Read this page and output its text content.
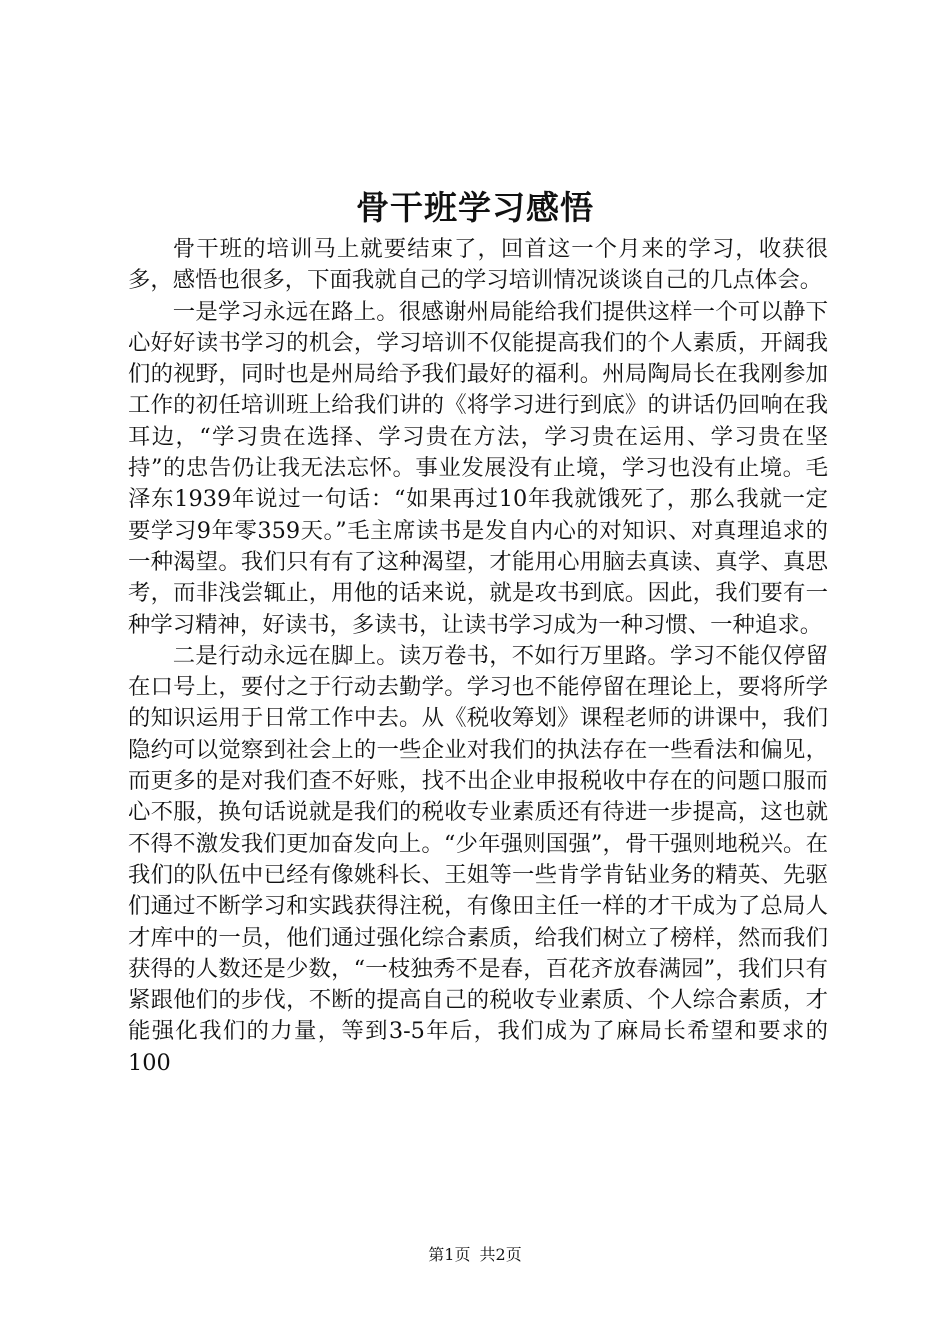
骨干班学习感悟

骨干班的培训马上就要结束了，回首这一个月来的学习，收获很多，感悟也很多，下面我就自己的学习培训情况谈谈自己的几点体会。

一是学习永远在路上。很感谢州局能给我们提供这样一个可以静下心好好读书学习的机会，学习培训不仅能提高我们的个人素质，开阔我们的视野，同时也是州局给予我们最好的福利。州局陶局长在我刚参加工作的初任培训班上给我们讲的《将学习进行到底》的讲话仍回响在我耳边，“学习贵在选择、学习贵在方法，学习贵在运用、学习贵在坚持”的忠告仍让我无法忘怀。事业发展没有止境，学习也没有止境。毛泽东1939年说过一句话：“如果再过10年我就饿死了，那么我就一定要学习9年零359天。”毛主席读书是发自内心的对知识、对真理追求的一种渴望。我们只有有了这种渴望，才能用心用脑去真读、真学、真思考，而非浅尝辄止，用他的话来说，就是攻书到底。因此，我们要有一种学习精神，好读书，多读书，让读书学习成为一种习惯、一种追求。

二是行动永远在脚上。读万卷书，不如行万里路。学习不能仅停留在口号上，要付之于行动去勤学。学习也不能停留在理论上，要将所学的知识运用于日常工作中去。从《税收筹划》课程老师的讲课中，我们隐约可以觉察到社会上的一些企业对我们的执法存在一些看法和偏见，而更多的是对我们查不好账，找不出企业申报税收中存在的问题口服而心不服，换句话说就是我们的税收专业素质还有待进一步提高，这也就不得不激发我们更加奋发向上。“少年强则国强”，骨干强则地税兴。在我们的队伍中已经有像姚科长、王姐等一些肯学肯钻业务的精英、先驱们通过不断学习和实践获得注税，有像田主任一样的才干成为了总局人才库中的一员，他们通过强化综合素质，给我们树立了榜样，然而我们获得的人数还是少数，“一枝独秀不是春，百花齐放春满园”，我们只有紧跟他们的步伐，不断的提高自己的税收专业素质、个人综合素质，才能强化我们的力量，等到3-5年后，我们成为了麻局长希望和要求的100

第1页 共2页
